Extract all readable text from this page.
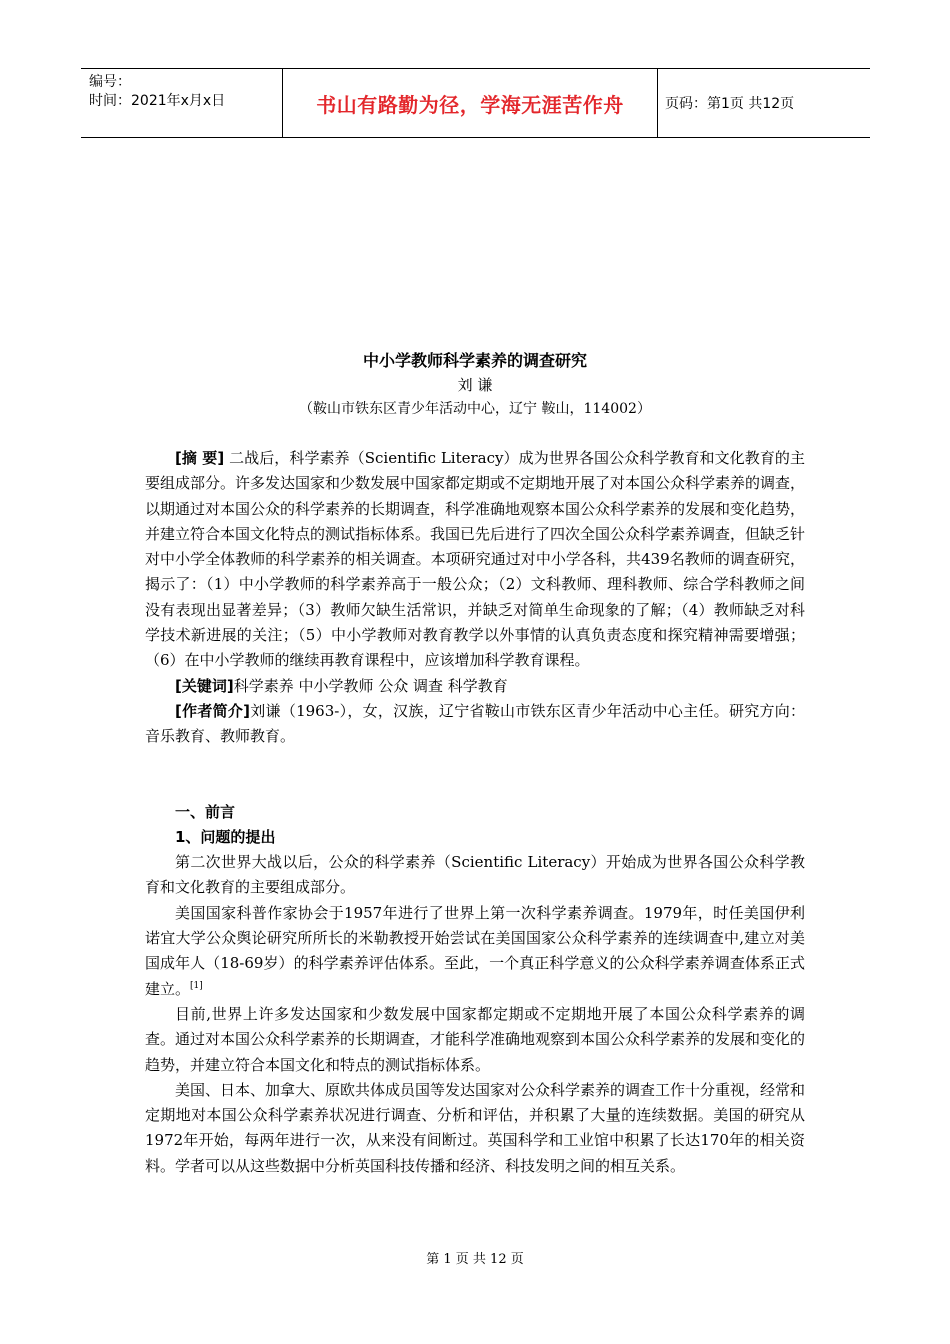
编号：
时间：2021年x月x日	书山有路勤为径，学海无涯苦作舟	页码：第1页 共12页
中小学教师科学素养的调查研究
刘 谦
（鞍山市铁东区青少年活动中心，辽宁 鞍山，114002）

[摘 要] 二战后，科学素养（Scientific Literacy）成为世界各国公众科学教育和文化教育的主要组成部分。许多发达国家和少数发展中国家都定期或不定期地开展了对本国公众科学素养的调查，以期通过对本国公众的科学素养的长期调查，科学准确地观察本国公众科学素养的发展和变化趋势，并建立符合本国文化特点的测试指标体系。我国已先后进行了四次全国公众科学素养调查，但缺乏针对中小学全体教师的科学素养的相关调查。本项研究通过对中小学各科，共439名教师的调查研究，揭示了：（1）中小学教师的科学素养高于一般公众；（2）文科教师、理科教师、综合学科教师之间没有表现出显著差异；（3）教师欠缺生活常识，并缺乏对简单生命现象的了解；（4）教师缺乏对科学技术新进展的关注；（5）中小学教师对教育教学以外事情的认真负责态度和探究精神需要增强；（6）在中小学教师的继续再教育课程中，应该增加科学教育课程。

[关键词]科学素养 中小学教师 公众 调查 科学教育

[作者简介]刘谦（1963-），女，汉族，辽宁省鞍山市铁东区青少年活动中心主任。研究方向：音乐教育、教师教育。

一、前言

1、问题的提出

第二次世界大战以后，公众的科学素养（Scientific Literacy）开始成为世界各国公众科学教育和文化教育的主要组成部分。

美国国家科普作家协会于1957年进行了世界上第一次科学素养调查。1979年，时任美国伊利诺宜大学公众舆论研究所所长的米勒教授开始尝试在美国国家公众科学素养的连续调查中,建立对美国成年人（18-69岁）的科学素养评估体系。至此，一个真正科学意义的公众科学素养调查体系正式建立。[1]

目前,世界上许多发达国家和少数发展中国家都定期或不定期地开展了本国公众科学素养的调查。通过对本国公众科学素养的长期调查，才能科学准确地观察到本国公众科学素养的发展和变化的趋势，并建立符合本国文化和特点的测试指标体系。

美国、日本、加拿大、原欧共体成员国等发达国家对公众科学素养的调查工作十分重视，经常和定期地对本国公众科学素养状况进行调查、分析和评估，并积累了大量的连续数据。美国的研究从1972年开始，每两年进行一次，从来没有间断过。英国科学和工业馆中积累了长达170年的相关资料。学者可以从这些数据中分析英国科技传播和经济、科技发明之间的相互关系。

第 1 页 共 12 页
